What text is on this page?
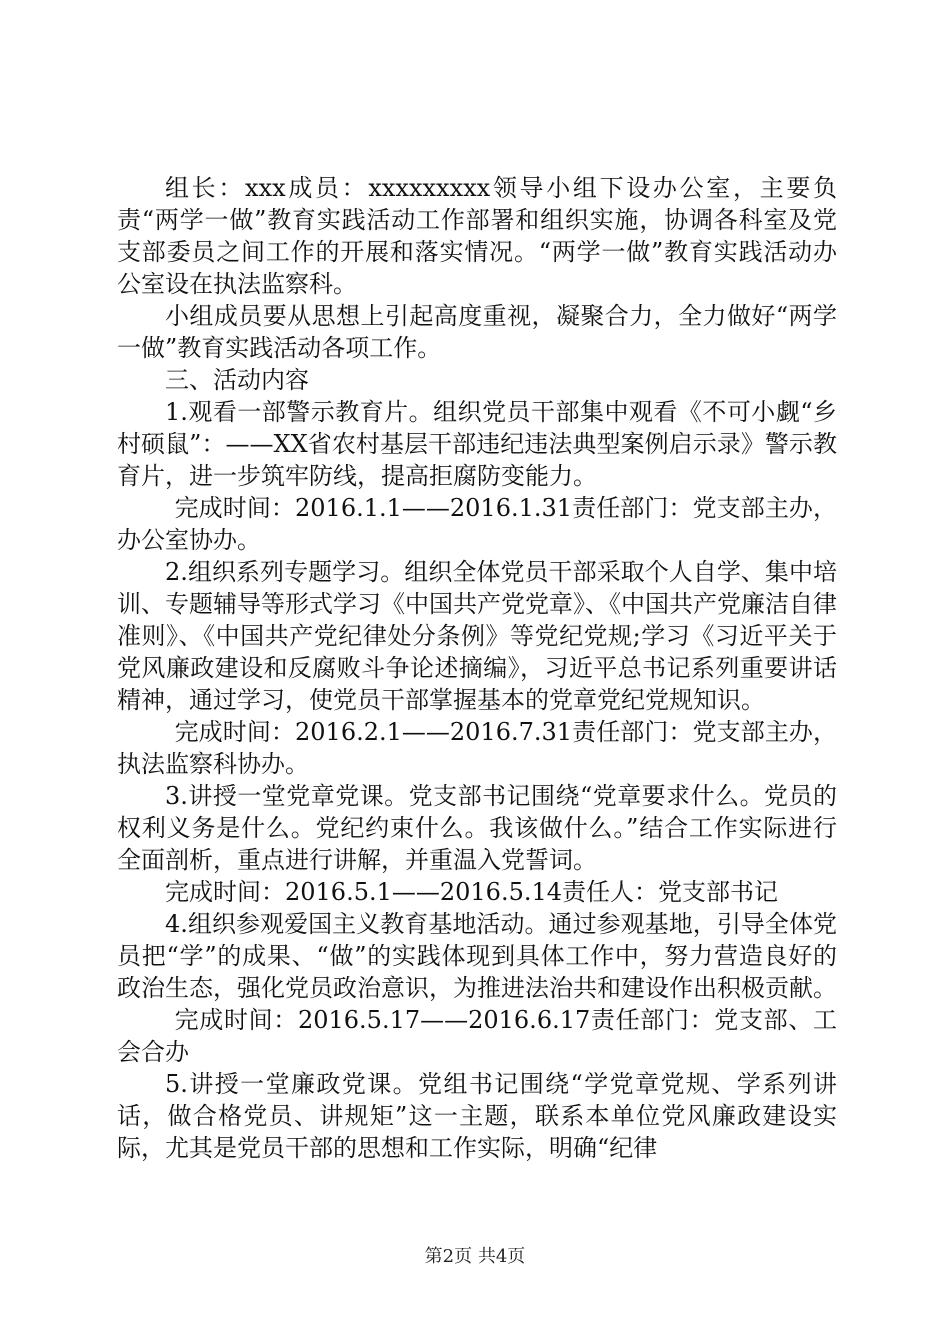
组长：xxx成员：xxxxxxxxx领导小组下设办公室，主要负责“两学一做”教育实践活动工作部署和组织实施，协调各科室及党支部委员之间工作的开展和落实情况。“两学一做”教育实践活动办公室设在执法监察科。

小组成员要从思想上引起高度重视，凝聚合力，全力做好“两学一做”教育实践活动各项工作。

三、活动内容

1.观看一部警示教育片。组织党员干部集中观看《不可小觑“乡村硕鼠”：——XX省农村基层干部违纪违法典型案例启示录》警示教育片，进一步筑牢防线，提高拒腐防变能力。

完成时间：2016.1.1——2016.1.31责任部门：党支部主办，办公室协办。

2.组织系列专题学习。组织全体党员干部采取个人自学、集中培训、专题辅导等形式学习《中国共产党党章》、《中国共产党廉洁自律准则》、《中国共产党纪律处分条例》等党纪党规;学习《习近平关于党风廉政建设和反腐败斗争论述摘编》，习近平总书记系列重要讲话精神，通过学习，使党员干部掌握基本的党章党纪党规知识。

完成时间：2016.2.1——2016.7.31责任部门：党支部主办，执法监察科协办。

3.讲授一堂党章党课。党支部书记围绕“党章要求什么。党员的权利义务是什么。党纪约束什么。我该做什么。”结合工作实际进行全面剖析，重点进行讲解，并重温入党誓词。

完成时间：2016.5.1——2016.5.14责任人：党支部书记

4.组织参观爱国主义教育基地活动。通过参观基地，引导全体党员把“学”的成果、“做”的实践体现到具体工作中，努力营造良好的政治生态，强化党员政治意识，为推进法治共和建设作出积极贡献。

完成时间：2016.5.17——2016.6.17责任部门：党支部、工会合办

5.讲授一堂廉政党课。党组书记围绕“学党章党规、学系列讲话，做合格党员、讲规矩”这一主题，联系本单位党风廉政建设实际，尤其是党员干部的思想和工作实际，明确“纪律

第2页 共4页
